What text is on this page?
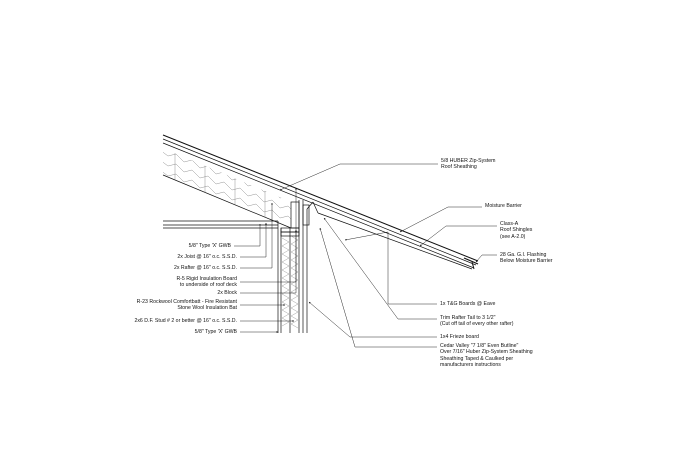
5/8 HUBER Zip-System
Roof Sheathing
Moisture Barrier
Class-A
Roof Shingles
(see A-2.0)
28 Ga. G.I. Flashing
Below Moisture Barrier
1x T&G Boards @ Eave
Trim Rafter Tail to 3 1/2"
(Cut off tail of every other rafter)
1x4 Frieze board
Cedar Valley "7 1/8" Even Butline"
Over 7/16" Huber Zip-System Sheathing
Sheathing Taped & Caulked per
manufacturers instructions
5/8" Type 'X' GWB
2x Joist @ 16" o.c. S.S.D.
2x Rafter @ 16" o.c. S.S.D.
R-5 Rigid Insulation Board
to underside of roof deck
2x Block
R-23 Rockwool Comfortbatt - Fire Resistant
Stone Wool Insulation Bat
2x6 D.F. Stud # 2 or better @ 16" o.c. S.S.D.
5/8" Type 'X' GWB
